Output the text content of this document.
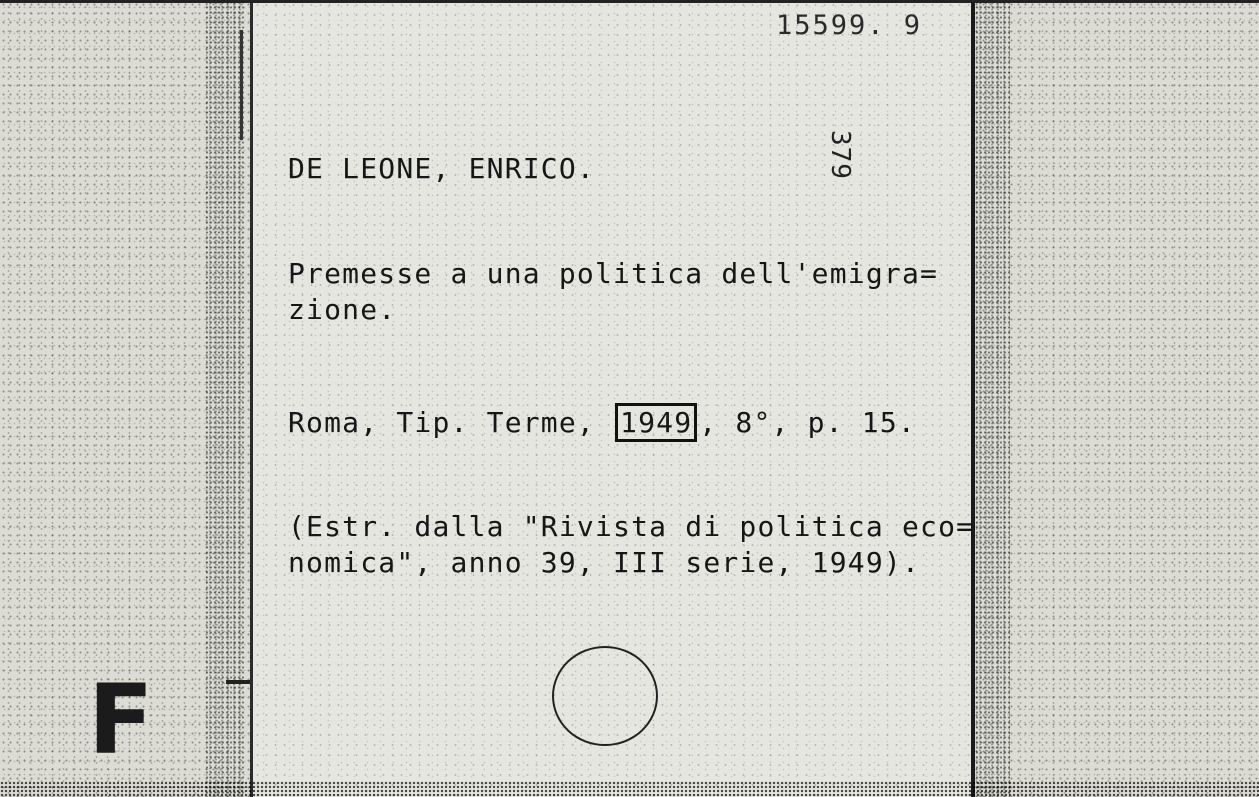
15599. 9
379
DE LEONE, ENRICO.
Premesse a una politica dell'emigra=
zione.
Roma, Tip. Terme, 1949 , 8°, p. 15.
(Estr. dalla "Rivista di politica eco=
nomica", anno 39, III serie, 1949).
F
